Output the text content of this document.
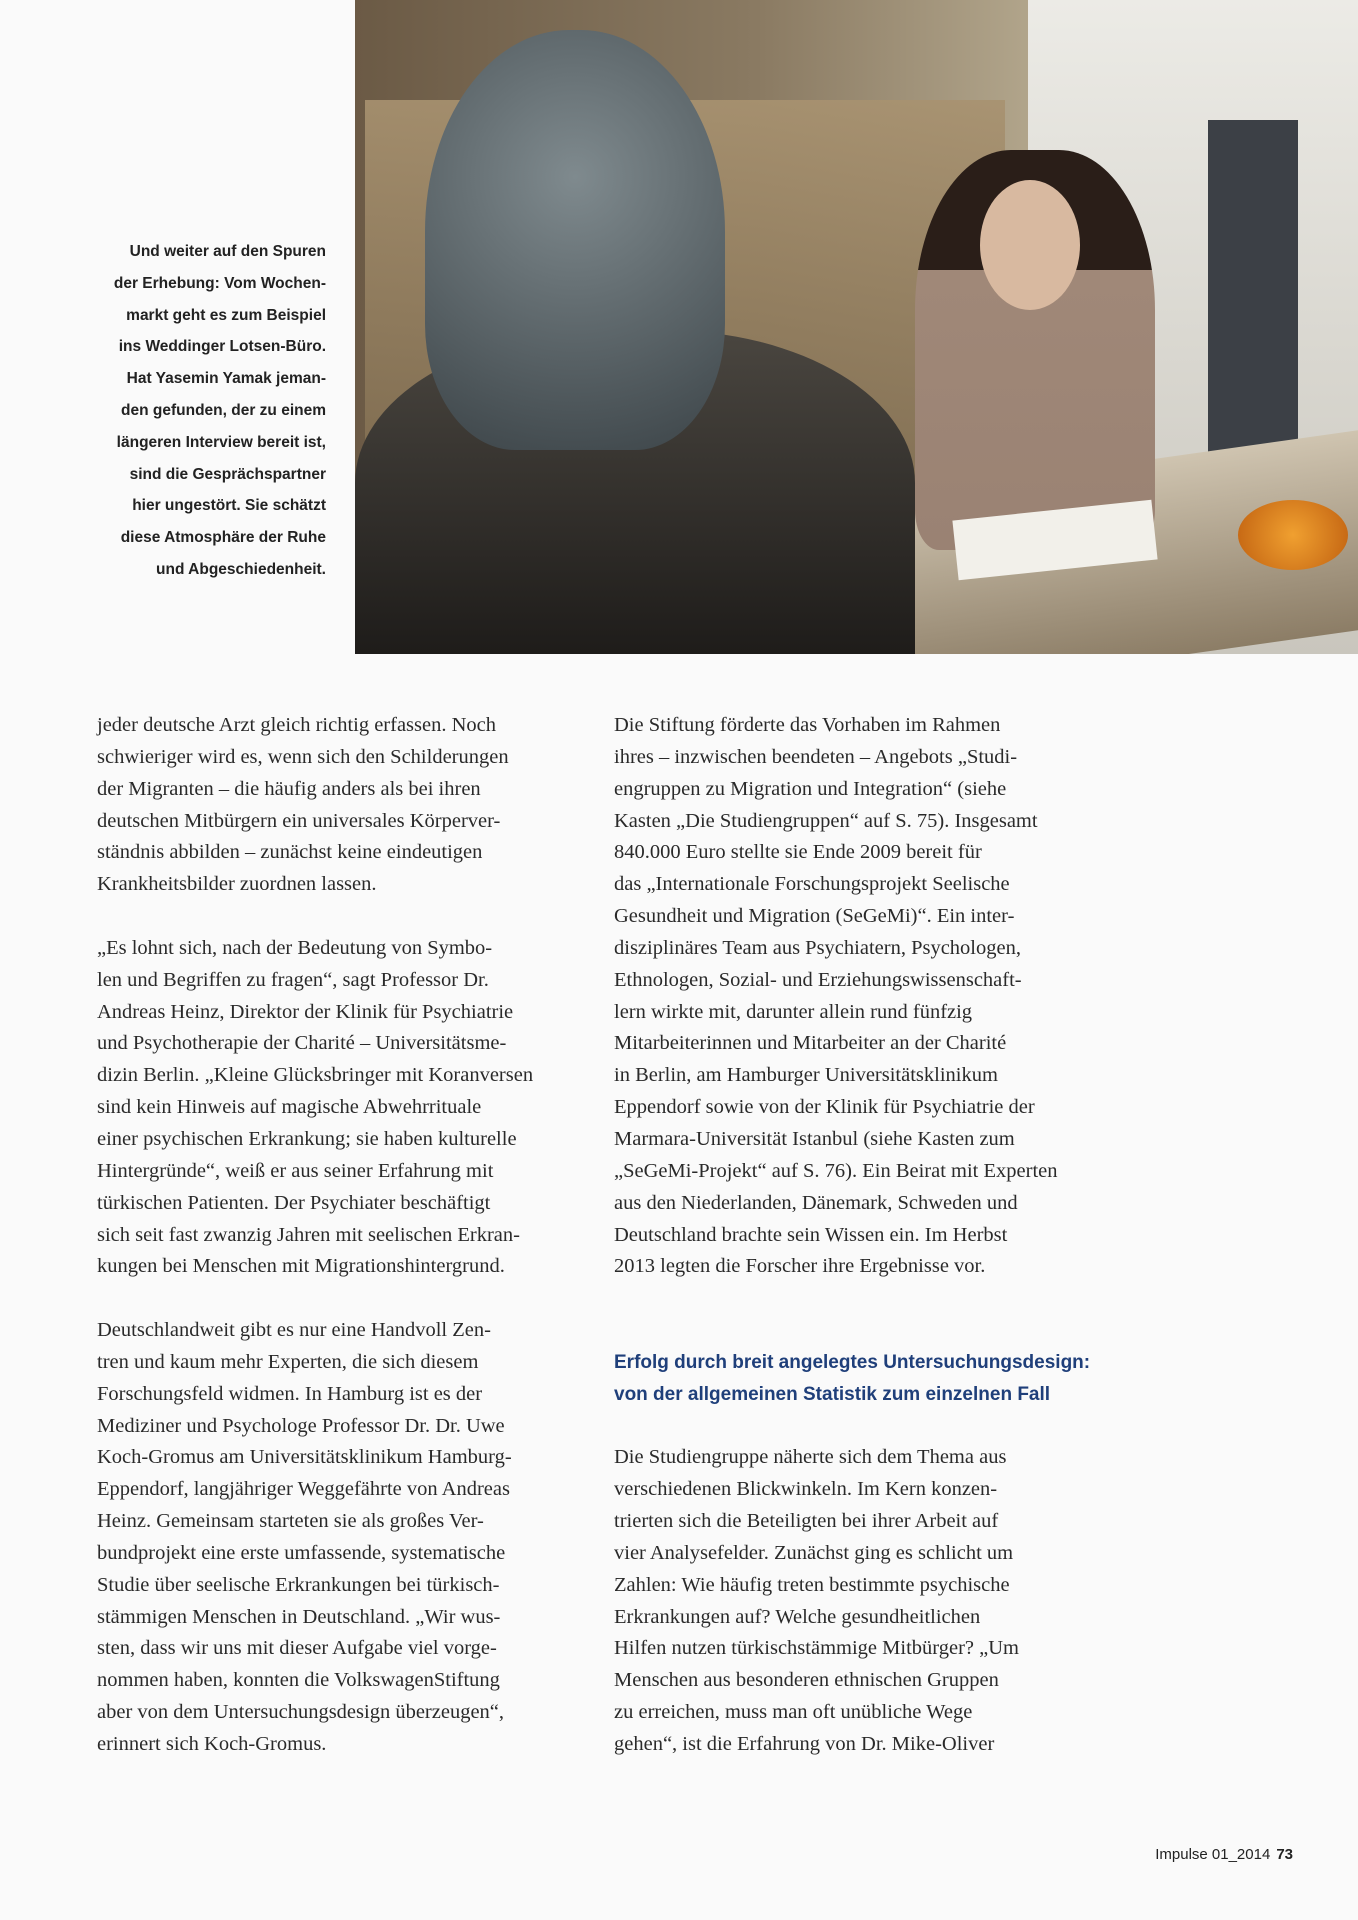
Und weiter auf den Spuren
der Erhebung: Vom Wochen-
markt geht es zum Beispiel
ins Weddinger Lotsen-Büro.
Hat Yasemin Yamak jeman-
den gefunden, der zu einem
längeren Interview bereit ist,
sind die Gesprächspartner
hier ungestört. Sie schätzt
diese Atmosphäre der Ruhe
und Abgeschiedenheit.
jeder deutsche Arzt gleich richtig erfassen. Noch
schwieriger wird es, wenn sich den Schilderungen
der Migranten – die häufig anders als bei ihren
deutschen Mitbürgern ein universales Körperver-
ständnis abbilden – zunächst keine eindeutigen
Krankheitsbilder zuordnen lassen.
„Es lohnt sich, nach der Bedeutung von Symbo-
len und Begriffen zu fragen“, sagt Professor Dr.
Andreas Heinz, Direktor der Klinik für Psychiatrie
und Psychotherapie der Charité – Universitätsme-
dizin Berlin. „Kleine Glücksbringer mit Koranversen
sind kein Hinweis auf magische Abwehrrituale
einer psychischen Erkrankung; sie haben kulturelle
Hintergründe“, weiß er aus seiner Erfahrung mit
türkischen Patienten. Der Psychiater beschäftigt
sich seit fast zwanzig Jahren mit seelischen Erkran-
kungen bei Menschen mit Migrationshintergrund.
Deutschlandweit gibt es nur eine Handvoll Zen-
tren und kaum mehr Experten, die sich diesem
Forschungsfeld widmen. In Hamburg ist es der
Mediziner und Psychologe Professor Dr. Dr. Uwe
Koch-Gromus am Universitätsklinikum Hamburg-
Eppendorf, langjähriger Weggefährte von Andreas
Heinz. Gemeinsam starteten sie als großes Ver-
bundprojekt eine erste umfassende, systematische
Studie über seelische Erkrankungen bei türkisch-
stämmigen Menschen in Deutschland. „Wir wus-
sten, dass wir uns mit dieser Aufgabe viel vorge-
nommen haben, konnten die VolkswagenStiftung
aber von dem Untersuchungsdesign überzeugen“,
erinnert sich Koch-Gromus.
Die Stiftung förderte das Vorhaben im Rahmen
ihres – inzwischen beendeten – Angebots „Studi-
engruppen zu Migration und Integration“ (siehe
Kasten „Die Studiengruppen“ auf S. 75). Insgesamt
840.000 Euro stellte sie Ende 2009 bereit für
das „Internationale Forschungsprojekt Seelische
Gesundheit und Migration (SeGeMi)“. Ein inter-
disziplinäres Team aus Psychiatern, Psychologen,
Ethnologen, Sozial- und Erziehungswissenschaft-
lern wirkte mit, darunter allein rund fünfzig
Mitarbeiterinnen und Mitarbeiter an der Charité
in Berlin, am Hamburger Universitätsklinikum
Eppendorf sowie von der Klinik für Psychiatrie der
Marmara-Universität Istanbul (siehe Kasten zum
„SeGeMi-Projekt“ auf S. 76). Ein Beirat mit Experten
aus den Niederlanden, Dänemark, Schweden und
Deutschland brachte sein Wissen ein. Im Herbst
2013 legten die Forscher ihre Ergebnisse vor.
Erfolg durch breit angelegtes Untersuchungsdesign:
von der allgemeinen Statistik zum einzelnen Fall
Die Studiengruppe näherte sich dem Thema aus
verschiedenen Blickwinkeln. Im Kern konzen-
trierten sich die Beteiligten bei ihrer Arbeit auf
vier Analysefelder. Zunächst ging es schlicht um
Zahlen: Wie häufig treten bestimmte psychische
Erkrankungen auf? Welche gesundheitlichen
Hilfen nutzen türkischstämmige Mitbürger? „Um
Menschen aus besonderen ethnischen Gruppen
zu erreichen, muss man oft unübliche Wege
gehen“, ist die Erfahrung von Dr. Mike-Oliver
Impulse 01_2014 73
